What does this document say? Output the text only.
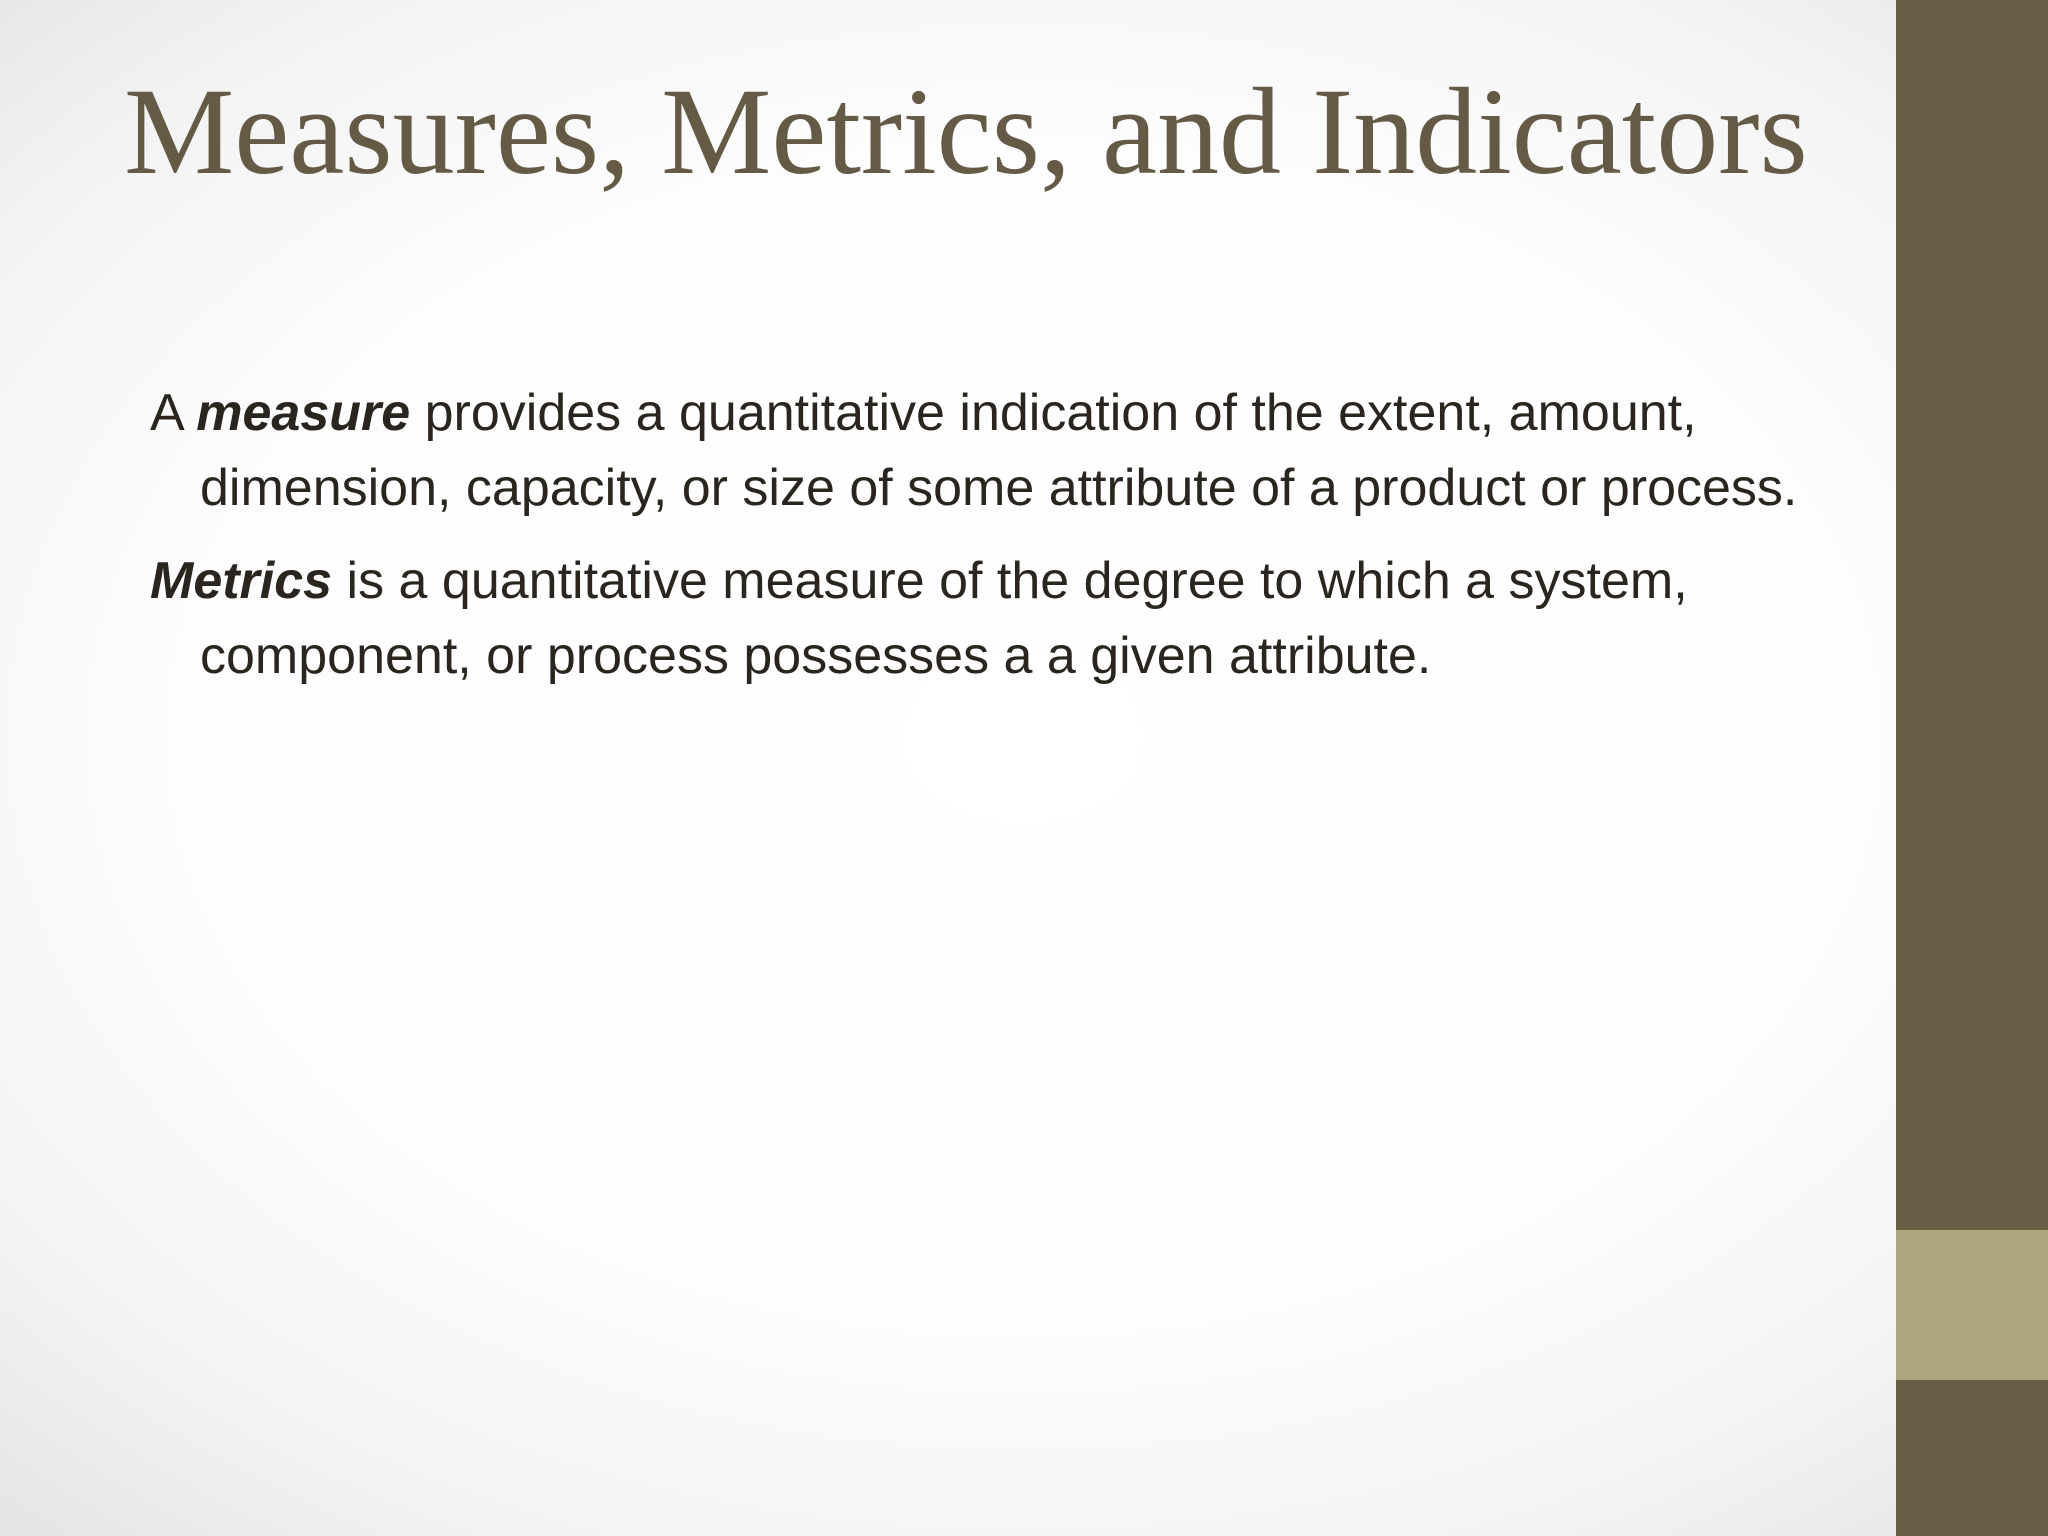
Measures, Metrics, and Indicators

A measure provides a quantitative indication of the extent, amount, dimension, capacity, or size of some attribute of a product or process.

Metrics is a quantitative measure of the degree to which a system, component, or process possesses a a given attribute.
